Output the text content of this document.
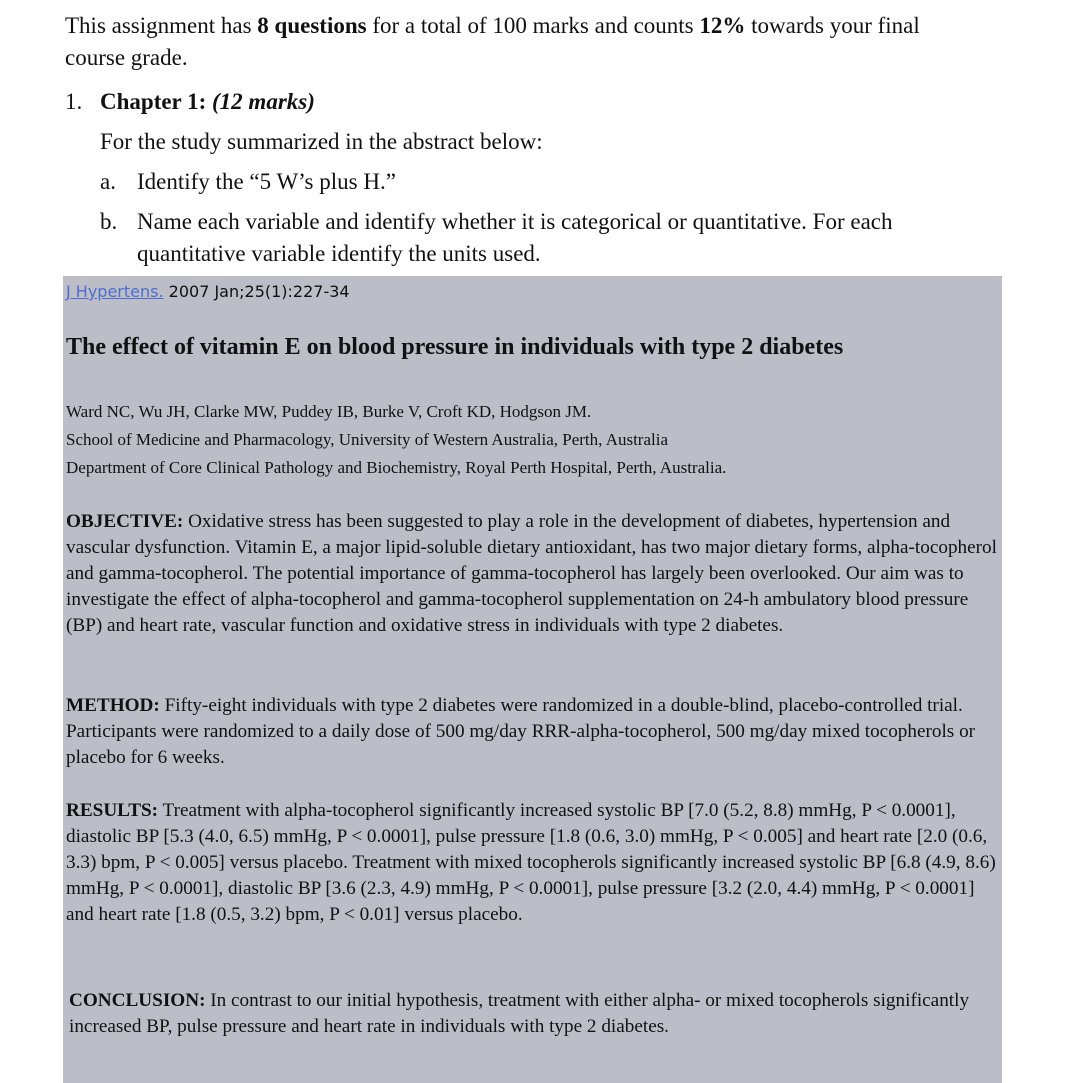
This assignment has 8 questions for a total of 100 marks and counts 12% towards your final course grade.
1. Chapter 1: (12 marks)
For the study summarized in the abstract below:
a. Identify the “5 W’s plus H.”
b. Name each variable and identify whether it is categorical or quantitative. For each quantitative variable identify the units used.
J Hypertens. 2007 Jan;25(1):227-34
The effect of vitamin E on blood pressure in individuals with type 2 diabetes
Ward NC, Wu JH, Clarke MW, Puddey IB, Burke V, Croft KD, Hodgson JM.
School of Medicine and Pharmacology, University of Western Australia, Perth, Australia
Department of Core Clinical Pathology and Biochemistry, Royal Perth Hospital, Perth, Australia.
OBJECTIVE: Oxidative stress has been suggested to play a role in the development of diabetes, hypertension and vascular dysfunction. Vitamin E, a major lipid-soluble dietary antioxidant, has two major dietary forms, alpha-tocopherol and gamma-tocopherol. The potential importance of gamma-tocopherol has largely been overlooked. Our aim was to investigate the effect of alpha-tocopherol and gamma-tocopherol supplementation on 24-h ambulatory blood pressure (BP) and heart rate, vascular function and oxidative stress in individuals with type 2 diabetes.
METHOD: Fifty-eight individuals with type 2 diabetes were randomized in a double-blind, placebo-controlled trial. Participants were randomized to a daily dose of 500 mg/day RRR-alpha-tocopherol, 500 mg/day mixed tocopherols or placebo for 6 weeks.
RESULTS: Treatment with alpha-tocopherol significantly increased systolic BP [7.0 (5.2, 8.8) mmHg, P < 0.0001], diastolic BP [5.3 (4.0, 6.5) mmHg, P < 0.0001], pulse pressure [1.8 (0.6, 3.0) mmHg, P < 0.005] and heart rate [2.0 (0.6, 3.3) bpm, P < 0.005] versus placebo. Treatment with mixed tocopherols significantly increased systolic BP [6.8 (4.9, 8.6) mmHg, P < 0.0001], diastolic BP [3.6 (2.3, 4.9) mmHg, P < 0.0001], pulse pressure [3.2 (2.0, 4.4) mmHg, P < 0.0001] and heart rate [1.8 (0.5, 3.2) bpm, P < 0.01] versus placebo.
CONCLUSION: In contrast to our initial hypothesis, treatment with either alpha- or mixed tocopherols significantly increased BP, pulse pressure and heart rate in individuals with type 2 diabetes.
